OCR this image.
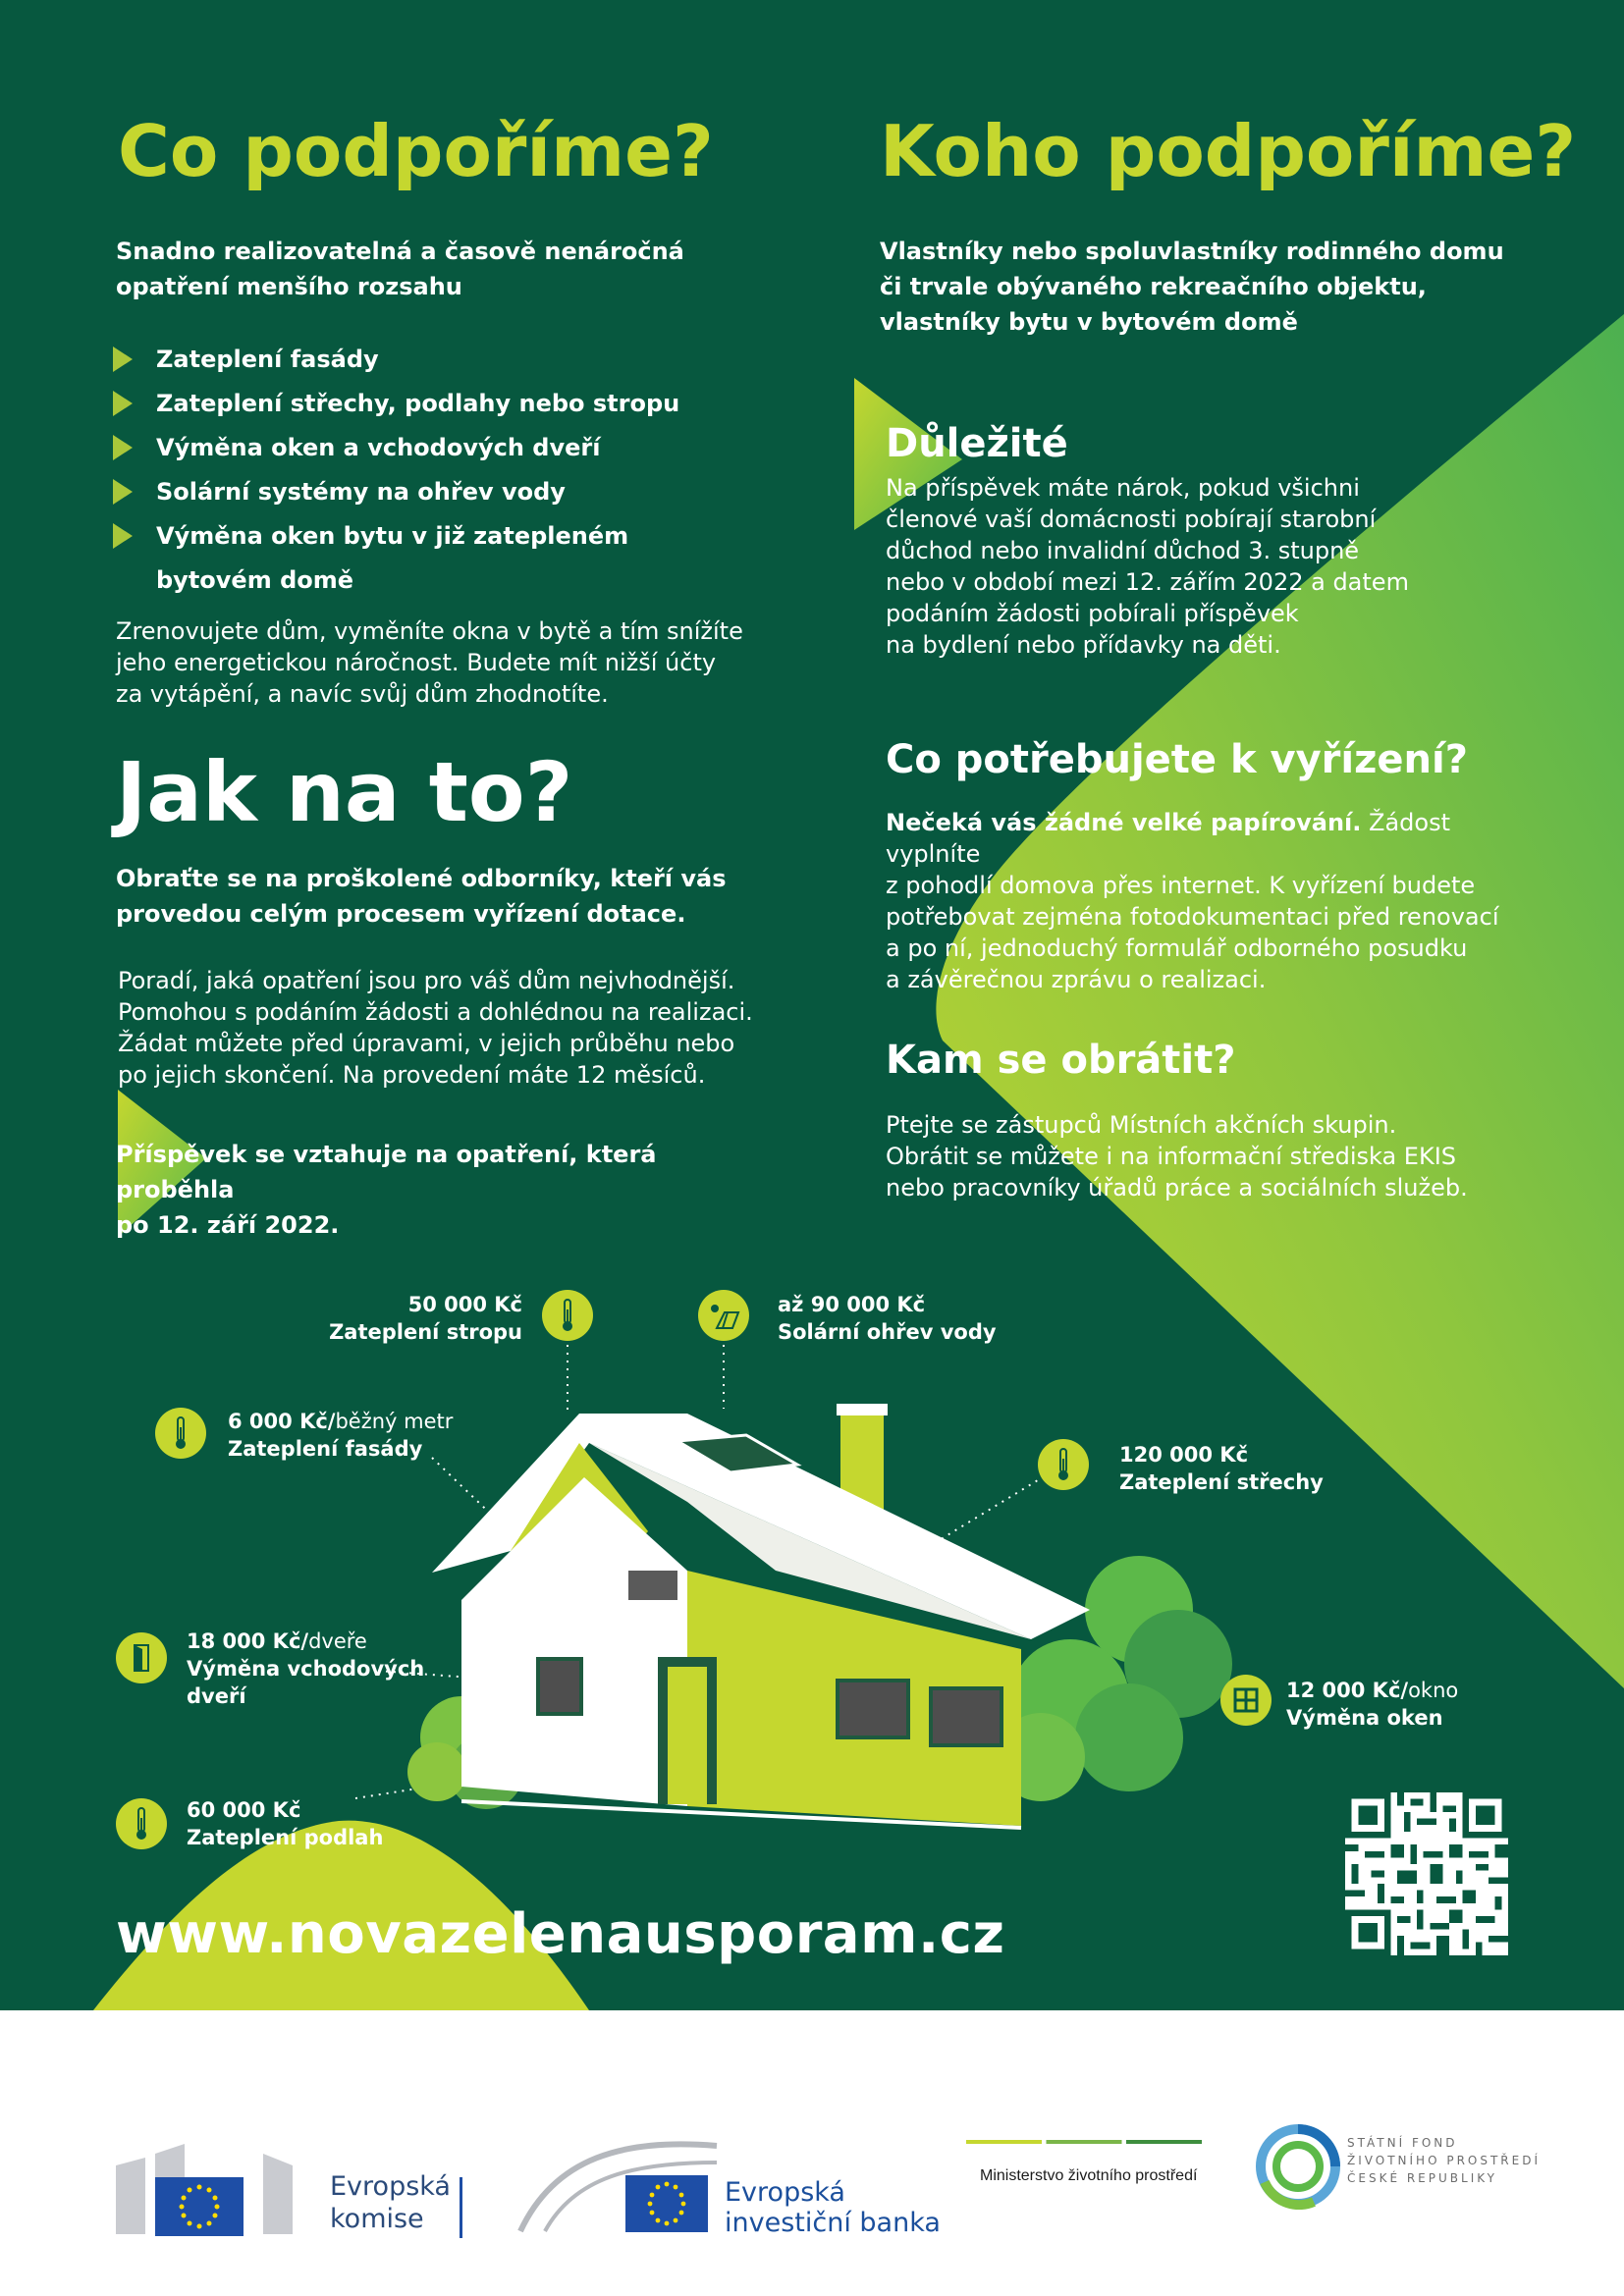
Co podpoříme?
Snadno realizovatelná a časově nenáročná
opatření menšího rozsahu
Zateplení fasády
Zateplení střechy, podlahy nebo stropu
Výměna oken a vchodových dveří
Solární systémy na ohřev vody
Výměna oken bytu v již zatepleném
bytovém domě
Zrenovujete dům, vyměníte okna v bytě a tím snížíte
jeho energetickou náročnost. Budete mít nižší účty
za vytápění, a navíc svůj dům zhodnotíte.
Jak na to?
Obraťte se na proškolené odborníky, kteří vás
provedou celým procesem vyřízení dotace.
Poradí, jaká opatření jsou pro váš dům nejvhodnější.
Pomohou s podáním žádosti a dohlédnou na realizaci.
Žádat můžete před úpravami, v jejich průběhu nebo
po jejich skončení. Na provedení máte 12 měsíců.
Příspěvek se vztahuje na opatření, která proběhla
po 12. září 2022.
Koho podpoříme?
Vlastníky nebo spoluvlastníky rodinného domu
či trvale obývaného rekreačního objektu,
vlastníky bytu v bytovém domě
Důležité
Na příspěvek máte nárok, pokud všichni
členové vaší domácnosti pobírají starobní
důchod nebo invalidní důchod 3. stupně
nebo v období mezi 12. zářím 2022 a datem
podáním žádosti pobírali příspěvek
na bydlení nebo přídavky na děti.
Co potřebujete k vyřízení?
Nečeká vás žádné velké papírování. Žádost vyplníte
z pohodlí domova přes internet. K vyřízení budete
potřebovat zejména fotodokumentaci před renovací
a po ní, jednoduchý formulář odborného posudku
a závěrečnou zprávu o realizaci.
Kam se obrátit?
Ptejte se zástupců Místních akčních skupin.
Obrátit se můžete i na informační střediska EKIS
nebo pracovníky úřadů práce a sociálních služeb.
50 000 Kč
Zateplení stropu
až 90 000 Kč
Solární ohřev vody
6 000 Kč/běžný metr
Zateplení fasády	120 000 Kč
Zateplení střechy
18 000 Kč/dveře
Výměna vchodových
dveří	12 000 Kč/okno
Výměna oken
60 000 Kč
Zateplení podlah
www.novazelenausporam.cz
Evropská
komise
Evropská
investiční banka
Ministerstvo životního prostředí
STÁTNÍ FOND
ŽIVOTNÍHO PROSTŘEDÍ
ČESKÉ REPUBLIKY
